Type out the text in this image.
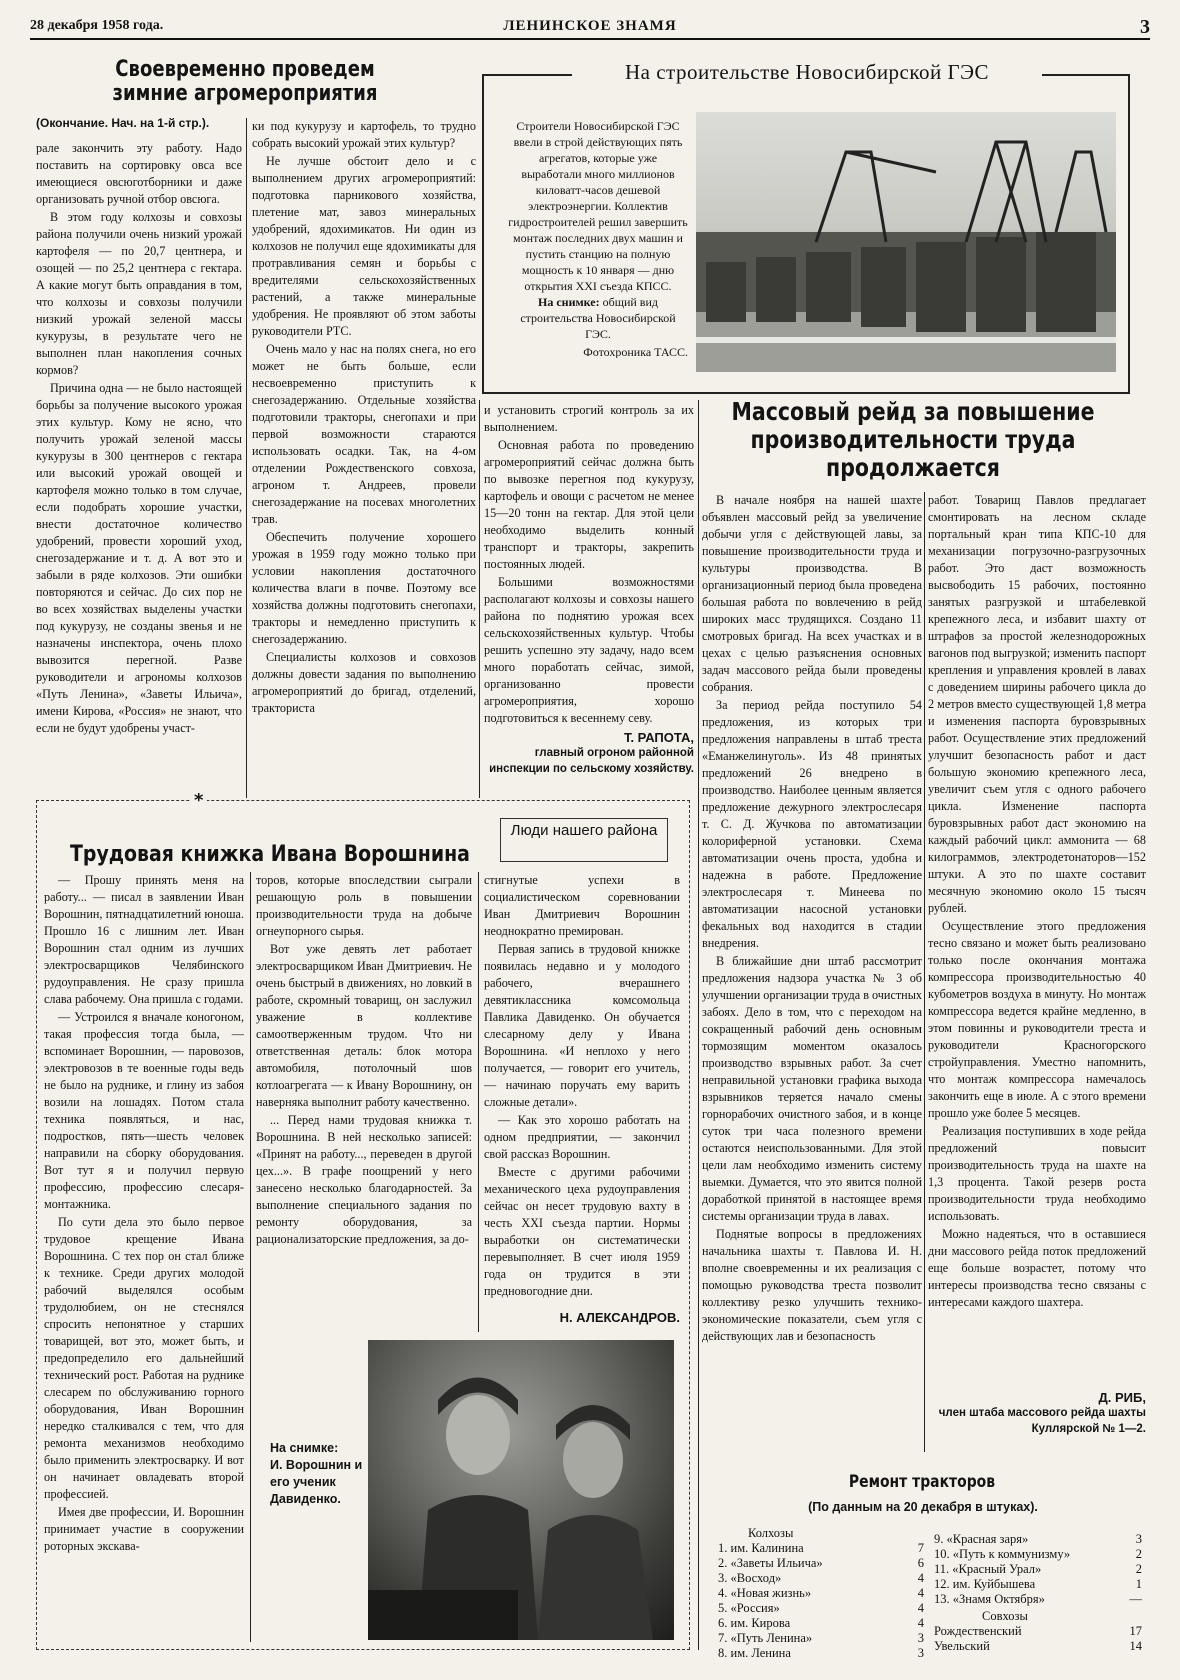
28 декабря 1958 года.	ЛЕНИНСКОЕ ЗНАМЯ	3
Своевременно проведем
зимние агромероприятия
(Окончание. Нач. на 1-й стр.).

рале закончить эту работу. Надо поставить на сортировку овса все имеющиеся овсюготборники и даже организовать ручной отбор овсюга.

В этом году колхозы и совхозы района получили очень низкий урожай картофеля — по 20,7 центнера, и озощей — по 25,2 центнера с гектара. А какие могут быть оправдания в том, что колхозы и совхозы получили низкий урожай зеленой массы кукурузы, в результате чего не выполнен план накопления сочных кормов?

Причина одна — не было настоящей борьбы за получение высокого урожая этих культур. Кому не ясно, что получить урожай зеленой массы кукурузы в 300 центнеров с гектара или высокий урожай овощей и картофеля можно только в том случае, если подобрать хорошие участки, внести достаточное количество удобрений, провести хороший уход, снегозадержание и т. д. А вот это и забыли в ряде колхозов. Эти ошибки повторяются и сейчас. До сих пор не во всех хозяйствах выделены участки под кукурузу, не созданы звенья и не назначены инспектора, очень плохо вывозится перегной. Разве руководители и агрономы колхозов «Путь Ленина», «Заветы Ильича», имени Кирова, «Россия» не знают, что если не будут удобрены участ-

ки под кукурузу и картофель, то трудно собрать высокий урожай этих культур?

Не лучше обстоит дело и с выполнением других агромероприятий: подготовка парникового хозяйства, плетение мат, завоз минеральных удобрений, ядохимикатов. Ни один из колхозов не получил еще ядохимикаты для протравливания семян и борьбы с вредителями сельскохозяйственных растений, а также минеральные удобрения. Не проявляют об этом заботы руководители РТС.

Очень мало у нас на полях снега, но его может не быть больше, если несвоевременно приступить к снегозадержанию. Отдельные хозяйства подготовили тракторы, снегопахи и при первой возможности стараются использовать осадки. Так, на 4-ом отделении Рождественского совхоза, агроном т. Андреев, провели снегозадержание на посевах многолетних трав.

Обеспечить получение хорошего урожая в 1959 году можно только при условии накопления достаточного количества влаги в почве. Поэтому все хозяйства должны подготовить снегопахи, тракторы и немедленно приступить к снегозадержанию.

Специалисты колхозов и совхозов должны довести задания по выполнению агромероприятий до бригад, отделений, тракториста

и установить строгий контроль за их выполнением.

Основная работа по проведению агромероприятий сейчас должна быть по вывозке перегноя под кукурузу, картофель и овощи с расчетом не менее 15—20 тонн на гектар. Для этой цели необходимо выделить конный транспорт и тракторы, закрепить постоянных людей.

Большими возможностями располагают колхозы и совхозы нашего района по поднятию урожая всех сельскохозяйственных культур. Чтобы решить успешно эту задачу, надо всем много поработать сейчас, зимой, организованно провести агромероприятия, хорошо подготовиться к весеннему севу.

Т. РАПОТА,
главный огроном районной инспекции по сельскому хозяйству.
На строительстве Новосибирской ГЭС
Строители Новосибирской ГЭС ввели в строй действующих пять агрегатов, которые уже выработали много миллионов киловатт-часов дешевой электроэнергии. Коллектив гидростроителей решил завершить монтаж последних двух машин и пустить станцию на полную мощность к 10 января — дню открытия XXI съезда КПСС.
На снимке: общий вид строительства Новосибирской ГЭС.
Фотохроника ТАСС.
Массовый рейд за повышение
производительности труда
продолжается

В начале ноября на нашей шахте объявлен массовый рейд за увеличение добычи угля с действующей лавы, за повышение производительности труда и культуры производства. В организационный период была проведена большая работа по вовлечению в рейд широких масс трудящихся. Создано 11 смотровых бригад. На всех участках и в цехах с целью разъяснения основных задач массового рейда были проведены собрания.

За период рейда поступило 54 предложения, из которых три предложения направлены в штаб треста «Еманжелинуголь». Из 48 принятых предложений 26 внедрено в производство. Наиболее ценным является предложение дежурного электрослесаря т. С. Д. Жучкова по автоматизации колориферной установки. Схема автоматизации очень проста, удобна и надежна в работе. Предложение электрослесаря т. Минеева по автоматизации насосной установки фекальных вод находится в стадии внедрения.

В ближайшие дни штаб рассмотрит предложения надзора участка № 3 об улучшении организации труда в очистных забоях. Дело в том, что с переходом на сокращенный рабочий день основным тормозящим моментом оказалось производство взрывных работ. За счет неправильной установки графика выхода взрывников теряется начало смены горнорабочих очистного забоя, и в конце суток три часа полезного времени остаются неиспользованными. Для этой цели лам необходимо изменить систему выемки. Думается, что это явится полной доработкой принятой в настоящее время системы организации труда в лавах.

Поднятые вопросы в предложениях начальника шахты т. Павлова И. Н. вполне своевременны и их реализация с помощью руководства треста позволит коллективу резко улучшить технико-экономические показатели, съем угля с действующих лав и безопасность

работ. Товарищ Павлов предлагает смонтировать на лесном складе портальный кран типа КПС-10 для механизации погрузочно-разгрузочных работ. Это даст возможность высвободить 15 рабочих, постоянно занятых разгрузкой и штабелевкой крепежного леса, и избавит шахту от штрафов за простой железнодорожных вагонов под выгрузкой; изменить паспорт крепления и управления кровлей в лавах с доведением ширины рабочего цикла до 2 метров вместо существующей 1,8 метра и изменения паспорта буровзрывных работ. Осуществление этих предложений улучшит безопасность работ и даст большую экономию крепежного леса, увеличит съем угля с одного рабочего цикла. Изменение паспорта буровзрывных работ даст экономию на каждый рабочий цикл: аммонита — 68 килограммов, электродетонаторов—152 штуки. А это по шахте составит месячную экономию около 15 тысяч рублей.

Осуществление этого предложения тесно связано и может быть реализовано только после окончания монтажа компрессора производительностью 40 кубометров воздуха в минуту. Но монтаж компрессора ведется крайне медленно, в этом повинны и руководители треста и руководители Красногорского стройуправления. Уместно напомнить, что монтаж компрессора намечалось закончить еще в июле. А с этого времени прошло уже более 5 месяцев.

Реализация поступивших в ходе рейда предложений повысит производительность труда на шахте на 1,3 процента. Такой резерв роста производительности труда необходимо использовать.

Можно надеяться, что в оставшиеся дни массового рейда поток предложений еще больше возрастет, потому что интересы производства тесно связаны с интересами каждого шахтера.

Д. РИБ,
член штаба массового рейда шахты Куллярской № 1—2.
*
Трудовая книжка Ивана Ворошнина
Люди нашего района

— Прошу принять меня на работу... — писал в заявлении Иван Ворошнин, пятнадцатилетний юноша. Прошло 16 с лишним лет. Иван Ворошнин стал одним из лучших электросварщиков Челябинского рудоуправления. Не сразу пришла слава рабочему. Она пришла с годами.

— Устроился я вначале коногоном, такая профессия тогда была, — вспоминает Ворошнин, — паровозов, электровозов в те военные годы ведь не было на руднике, и глину из забоя возили на лошадях. Потом стала техника появляться, и нас, подростков, пять—шесть человек направили на сборку оборудования. Вот тут я и получил первую профессию, профессию слесаря-монтажника.

По сути дела это было первое трудовое крещение Ивана Ворошнина. С тех пор он стал ближе к технике. Среди других молодой рабочий выделялся особым трудолюбием, он не стеснялся спросить непонятное у старших товарищей, вот это, может быть, и предопределило его дальнейший технический рост. Работая на руднике слесарем по обслуживанию горного оборудования, Иван Ворошнин нередко сталкивался с тем, что для ремонта механизмов необходимо было применить электросварку. И вот он начинает овладевать второй профессией.

Имея две профессии, И. Ворошнин принимает участие в сооружении роторных экскава-

торов, которые впоследствии сыграли решающую роль в повышении производительности труда на добыче огнеупорного сырья.

Вот уже девять лет работает электросварщиком Иван Дмитриевич. Не очень быстрый в движениях, но ловкий в работе, скромный товарищ, он заслужил уважение в коллективе самоотверженным трудом. Что ни ответственная деталь: блок мотора автомобиля, потолочный шов котлоагрегата — к Ивану Ворошнину, он наверняка выполнит работу качественно.

... Перед нами трудовая книжка т. Ворошнина. В ней несколько записей: «Принят на работу..., переведен в другой цех...». В графе поощрений у него занесено несколько благодарностей. За выполнение специального задания по ремонту оборудования, за рационализаторские предложения, за до-

стигнутые успехи в социалистическом соревновании Иван Дмитриевич Ворошнин неоднократно премирован.

Первая запись в трудовой книжке появилась недавно и у молодого рабочего, вчерашнего девятиклассника комсомольца Павлика Давиденко. Он обучается слесарному делу у Ивана Ворошнина. «И неплохо у него получается, — говорит его учитель, — начинаю поручать ему варить сложные детали».

— Как это хорошо работать на одном предприятии, — закончил свой рассказ Ворошнин.

Вместе с другими рабочими механического цеха рудоуправления сейчас он несет трудовую вахту в честь XXI съезда партии. Нормы выработки он систематически перевыполняет. В счет июля 1959 года он трудится в эти предновогодние дни.

Н. АЛЕКСАНДРОВ.
На снимке:
И. Ворошнин и его ученик Давиденко.
Ремонт тракторов
(По данным на 20 декабря в штуках).
Колхозы
1. им. Калинина	7
2. «Заветы Ильича»	6
3. «Восход»	4
4. «Новая жизнь»	4
5. «Россия»	4
6. им. Кирова	4
7. «Путь Ленина»	3
8. им. Ленина	3
9. «Красная заря»	3
10. «Путь к коммунизму»	2
11. «Красный Урал»	2
12. им. Куйбышева	1
13. «Знамя Октября»	—
Совхозы
Рождественский	17
Увельский	14
